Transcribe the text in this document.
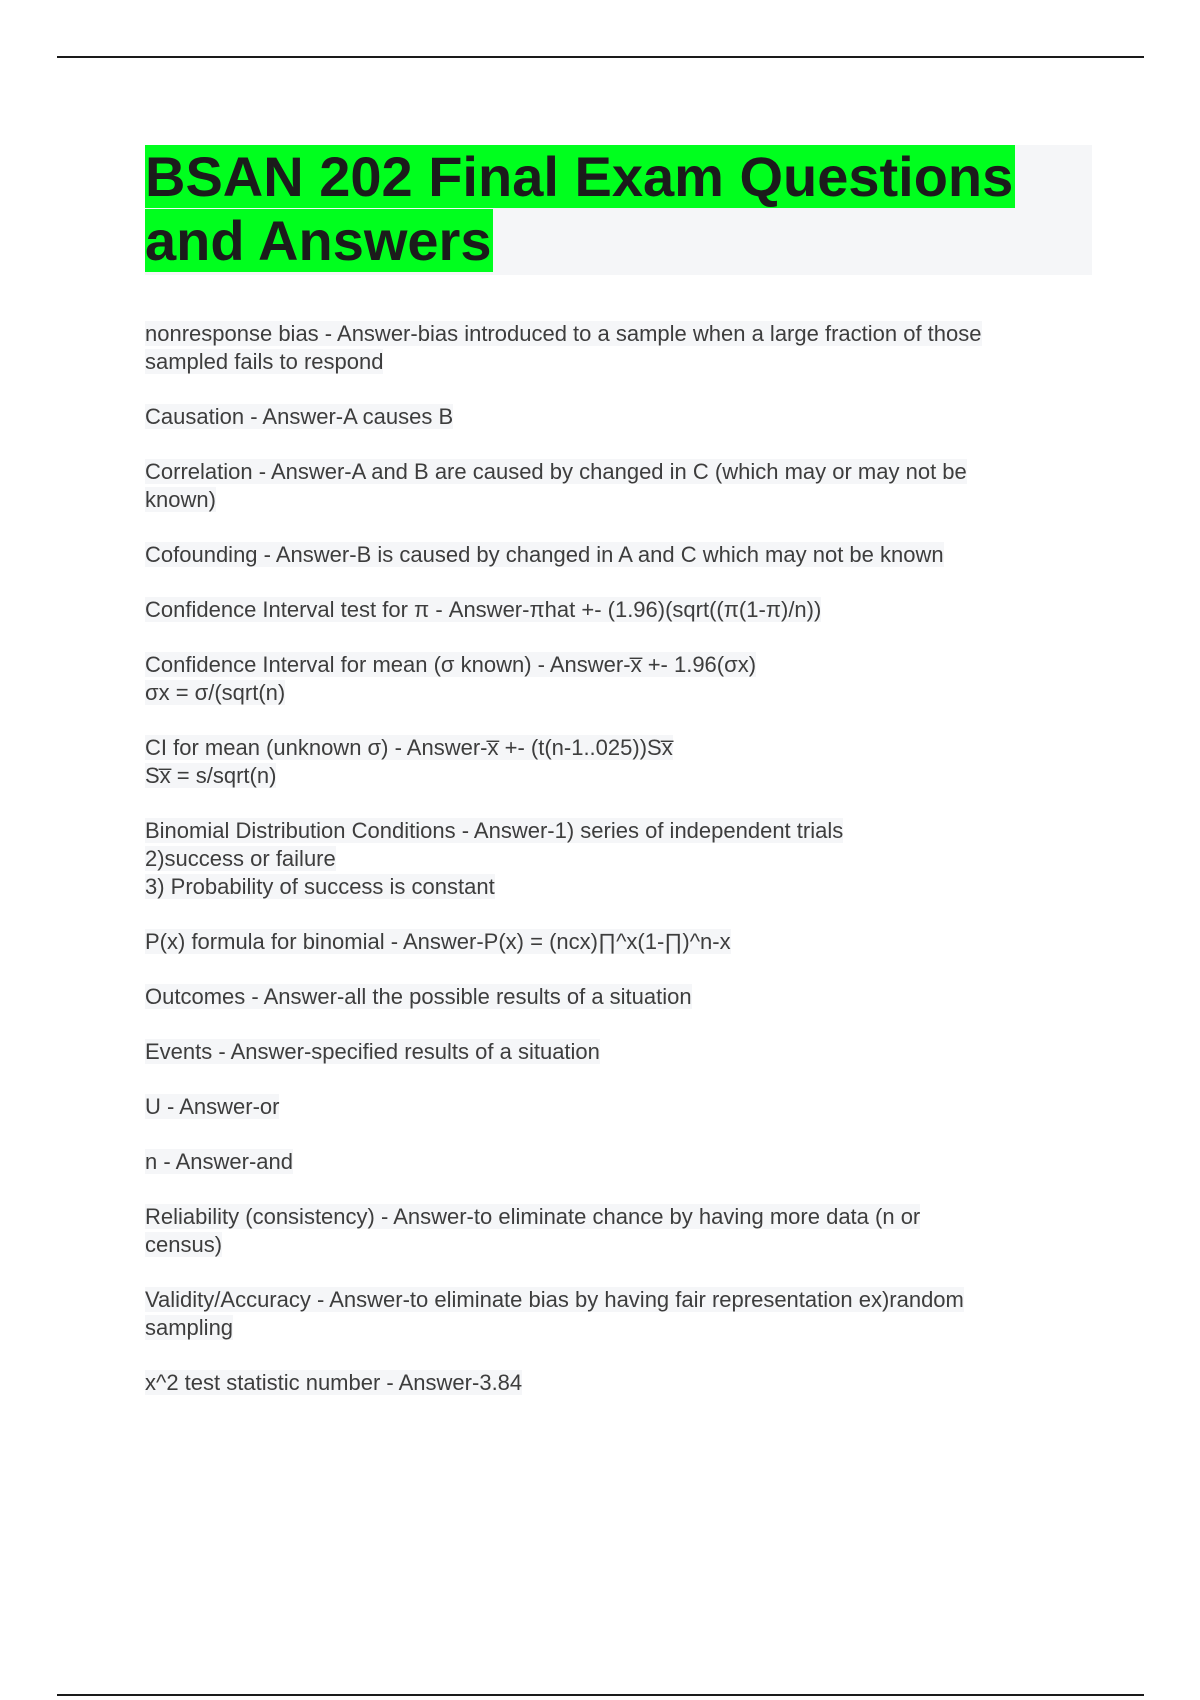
BSAN 202 Final Exam Questions
and Answers

nonresponse bias - Answer-bias introduced to a sample when a large fraction of those
sampled fails to respond

Causation - Answer-A causes B

Correlation - Answer-A and B are caused by changed in C (which may or may not be
known)

Cofounding - Answer-B is caused by changed in A and C which may not be known

Confidence Interval test for π - Answer-πhat +- (1.96)(sqrt((π(1-π)/n))

Confidence Interval for mean (σ known) - Answer-x̅ +- 1.96(σx)
σx = σ/(sqrt(n)

CI for mean (unknown σ) - Answer-x̅ +- (t(n-1..025))Sx̅
Sx̅ = s/sqrt(n)

Binomial Distribution Conditions - Answer-1) series of independent trials
2)success or failure
3) Probability of success is constant

P(x) formula for binomial - Answer-P(x) = (ncx)∏^x(1-∏)^n-x

Outcomes - Answer-all the possible results of a situation

Events - Answer-specified results of a situation

U - Answer-or

n - Answer-and

Reliability (consistency) - Answer-to eliminate chance by having more data (n or
census)

Validity/Accuracy - Answer-to eliminate bias by having fair representation ex)random
sampling

x^2 test statistic number - Answer-3.84
